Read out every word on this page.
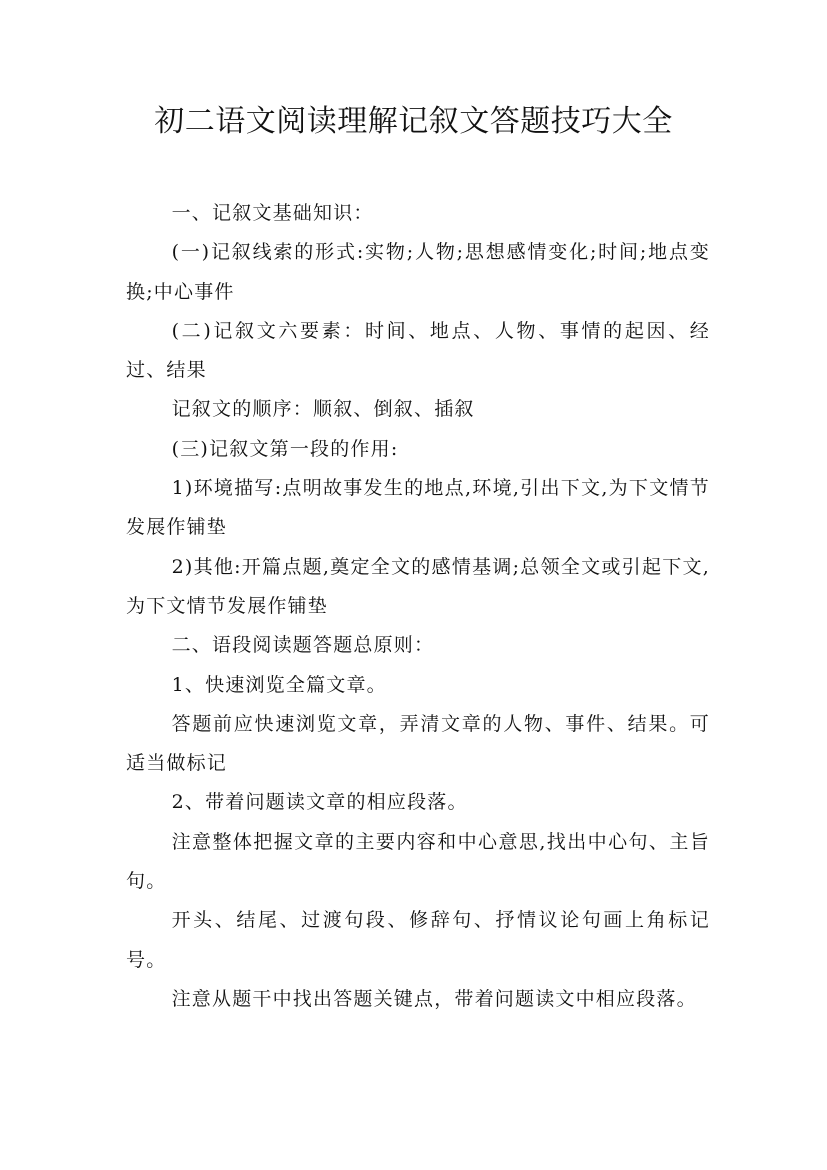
初二语文阅读理解记叙文答题技巧大全

一、记叙文基础知识：

(一)记叙线索的形式:实物;人物;思想感情变化;时间;地点变换;中心事件

(二)记叙文六要素：时间、地点、人物、事情的起因、经过、结果

记叙文的顺序：顺叙、倒叙、插叙

(三)记叙文第一段的作用:

1)环境描写:点明故事发生的地点,环境,引出下文,为下文情节发展作铺垫

2)其他:开篇点题,奠定全文的感情基调;总领全文或引起下文,为下文情节发展作铺垫

二、语段阅读题答题总原则：

1、快速浏览全篇文章。

答题前应快速浏览文章，弄清文章的人物、事件、结果。可适当做标记

2、带着问题读文章的相应段落。

注意整体把握文章的主要内容和中心意思,找出中心句、主旨句。

开头、结尾、过渡句段、修辞句、抒情议论句画上角标记号。

注意从题干中找出答题关键点，带着问题读文中相应段落。
